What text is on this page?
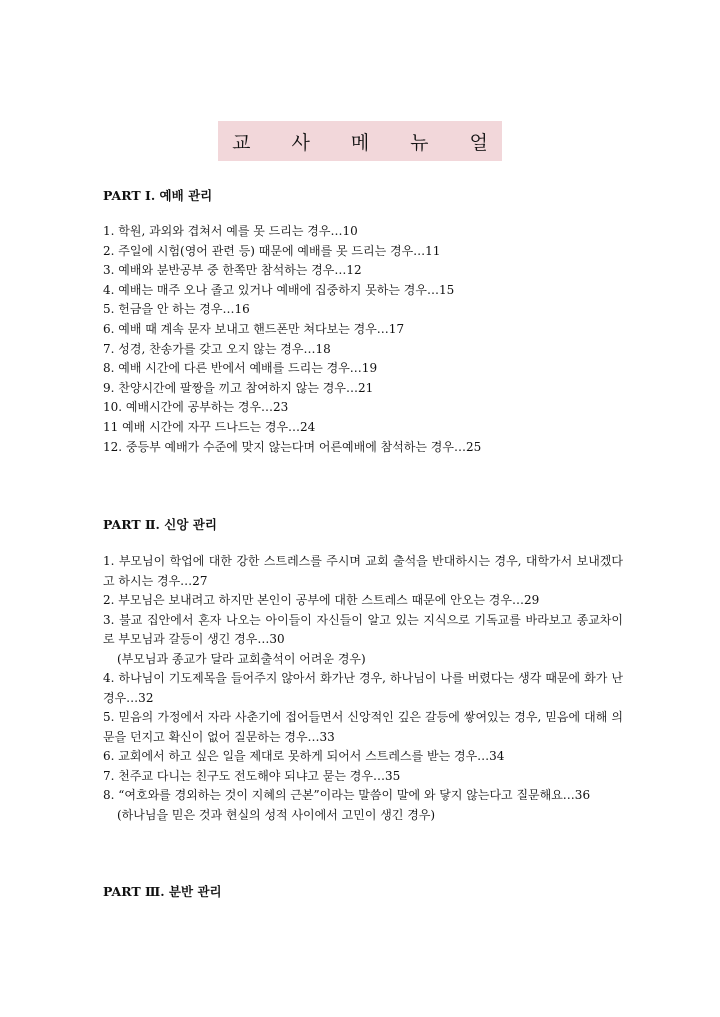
교사메뉴얼
PART Ⅰ. 예배 관리
1. 학원, 과외와 겹쳐서 예를 못 드리는 경우…10
2. 주일에 시험(영어 관련 등) 때문에 예배를 못 드리는 경우…11
3. 예배와 분반공부 중 한쪽만 참석하는 경우…12
4. 예배는 매주 오나 졸고 있거나 예배에 집중하지 못하는 경우…15
5. 헌금을 안 하는 경우…16
6. 예배 때 계속 문자 보내고 핸드폰만 쳐다보는 경우…17
7. 성경, 찬송가를 갖고 오지 않는 경우…18
8. 예배 시간에 다른 반에서 예배를 드리는 경우…19
9. 찬양시간에 팔짱을 끼고 참여하지 않는 경우…21
10. 예배시간에 공부하는 경우…23
11 예배 시간에 자꾸 드나드는 경우…24
12. 중등부 예배가 수준에 맞지 않는다며 어른예배에 참석하는 경우…25
PART Ⅱ. 신앙 관리
1. 부모님이 학업에 대한 강한 스트레스를 주시며 교회 출석을 반대하시는 경우, 대학가서 보내겠다고 하시는 경우…27
2. 부모님은 보내려고 하지만 본인이 공부에 대한 스트레스 때문에 안오는 경우…29
3. 불교 집안에서 혼자 나오는 아이들이 자신들이 알고 있는 지식으로 기독교를 바라보고 종교차이로 부모님과 갈등이 생긴 경우…30
(부모님과 종교가 달라 교회출석이 어려운 경우)
4. 하나님이 기도제목을 들어주지 않아서 화가난 경우, 하나님이 나를 버렸다는 생각 때문에 화가 난 경우…32
5. 믿음의 가정에서 자라 사춘기에 접어들면서 신앙적인 깊은 갈등에 쌓여있는 경우, 믿음에 대해 의문을 던지고 확신이 없어 질문하는 경우…33
6. 교회에서 하고 싶은 일을 제대로 못하게 되어서 스트레스를 받는 경우…34
7. 천주교 다니는 친구도 전도해야 되냐고 묻는 경우…35
8. “여호와를 경외하는 것이 지혜의 근본”이라는 말씀이 말에 와 닿지 않는다고 질문해요…36
(하나님을 믿은 것과 현실의 성적 사이에서 고민이 생긴 경우)
PART Ⅲ. 분반 관리
